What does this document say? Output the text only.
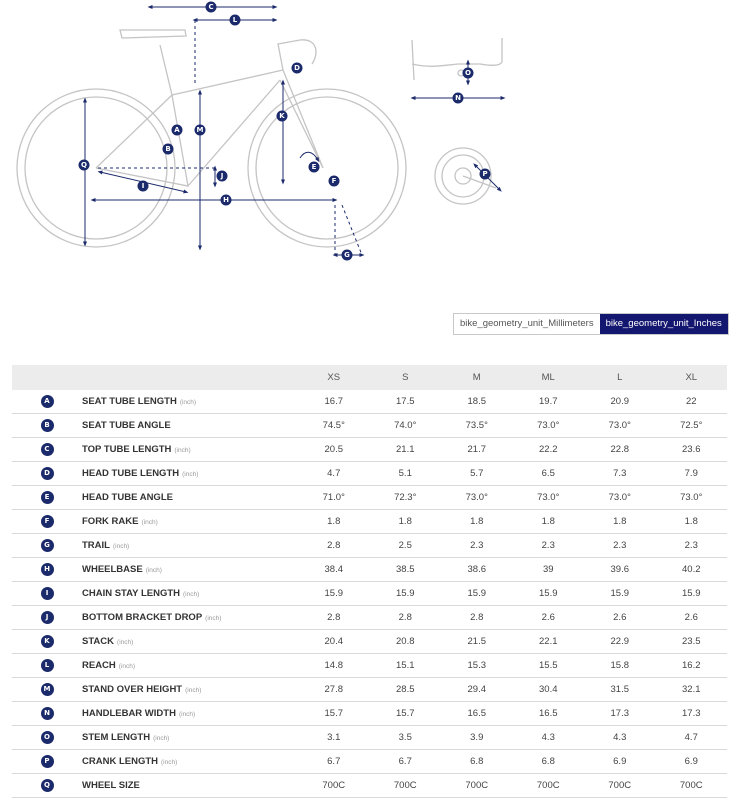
C
L
D
A M
B
Q
K
E
J
F
I
H
G
O
N
P
bike_geometry_unit_Millimeters	bike_geometry_unit_Inches
		XS	S	M	ML	L	XL
A	SEAT TUBE LENGTH (inch)	16.7	17.5	18.5	19.7	20.9	22
B	SEAT TUBE ANGLE	74.5°	74.0°	73.5°	73.0°	73.0°	72.5°
C	TOP TUBE LENGTH (inch)	20.5	21.1	21.7	22.2	22.8	23.6
D	HEAD TUBE LENGTH (inch)	4.7	5.1	5.7	6.5	7.3	7.9
E	HEAD TUBE ANGLE	71.0°	72.3°	73.0°	73.0°	73.0°	73.0°
F	FORK RAKE (inch)	1.8	1.8	1.8	1.8	1.8	1.8
G	TRAIL (inch)	2.8	2.5	2.3	2.3	2.3	2.3
H	WHEELBASE (inch)	38.4	38.5	38.6	39	39.6	40.2
I	CHAIN STAY LENGTH (inch)	15.9	15.9	15.9	15.9	15.9	15.9
J	BOTTOM BRACKET DROP (inch)	2.8	2.8	2.8	2.6	2.6	2.6
K	STACK (inch)	20.4	20.8	21.5	22.1	22.9	23.5
L	REACH (inch)	14.8	15.1	15.3	15.5	15.8	16.2
M	STAND OVER HEIGHT (inch)	27.8	28.5	29.4	30.4	31.5	32.1
N	HANDLEBAR WIDTH (inch)	15.7	15.7	16.5	16.5	17.3	17.3
O	STEM LENGTH (inch)	3.1	3.5	3.9	4.3	4.3	4.7
P	CRANK LENGTH (inch)	6.7	6.7	6.8	6.8	6.9	6.9
Q	WHEEL SIZE	700C	700C	700C	700C	700C	700C
